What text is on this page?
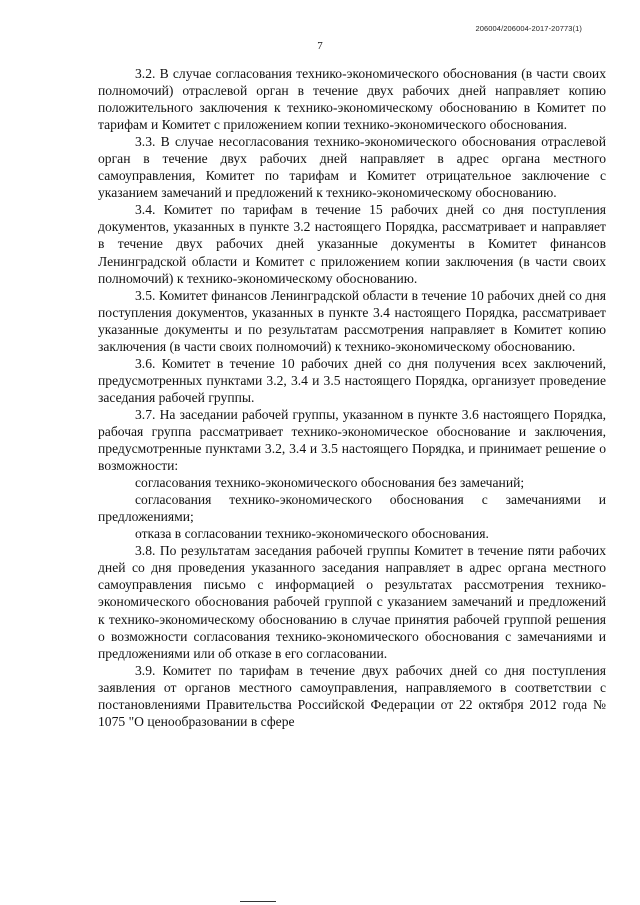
206004/206004-2017-20773(1)
7

3.2. В случае согласования технико-экономического обоснования (в части своих полномочий) отраслевой орган в течение двух рабочих дней направляет копию положительного заключения к технико-экономическому обоснованию в Комитет по тарифам и Комитет с приложением копии технико-экономического обоснования.

3.3. В случае несогласования технико-экономического обоснования отраслевой орган в течение двух рабочих дней направляет в адрес органа местного самоуправления, Комитет по тарифам и Комитет отрицательное заключение с указанием замечаний и предложений к технико-экономическому обоснованию.

3.4. Комитет по тарифам в течение 15 рабочих дней со дня поступления документов, указанных в пункте 3.2 настоящего Порядка, рассматривает и направляет в течение двух рабочих дней указанные документы в Комитет финансов Ленинградской области и Комитет с приложением копии заключения (в части своих полномочий) к технико-экономическому обоснованию.

3.5. Комитет финансов Ленинградской области в течение 10 рабочих дней со дня поступления документов, указанных в пункте 3.4 настоящего Порядка, рассматривает указанные документы и по результатам рассмотрения направляет в Комитет копию заключения (в части своих полномочий) к технико-экономическому обоснованию.

3.6. Комитет в течение 10 рабочих дней со дня получения всех заключений, предусмотренных пунктами 3.2, 3.4 и 3.5 настоящего Порядка, организует проведение заседания рабочей группы.

3.7. На заседании рабочей группы, указанном в пункте 3.6 настоящего Порядка, рабочая группа рассматривает технико-экономическое обоснование и заключения, предусмотренные пунктами 3.2, 3.4 и 3.5 настоящего Порядка, и принимает решение о возможности:

согласования технико-экономического обоснования без замечаний;

согласования технико-экономического обоснования с замечаниями и предложениями;

отказа в согласовании технико-экономического обоснования.

3.8. По результатам заседания рабочей группы Комитет в течение пяти рабочих дней со дня проведения указанного заседания направляет в адрес органа местного самоуправления письмо с информацией о результатах рассмотрения технико-экономического обоснования рабочей группой с указанием замечаний и предложений к технико-экономическому обоснованию в случае принятия рабочей группой решения о возможности согласования технико-экономического обоснования с замечаниями и предложениями или об отказе в его согласовании.

3.9. Комитет по тарифам в течение двух рабочих дней со дня поступления заявления от органов местного самоуправления, направляемого в соответствии с постановлениями Правительства Российской Федерации от 22 октября 2012 года № 1075 "О ценообразовании в сфере
